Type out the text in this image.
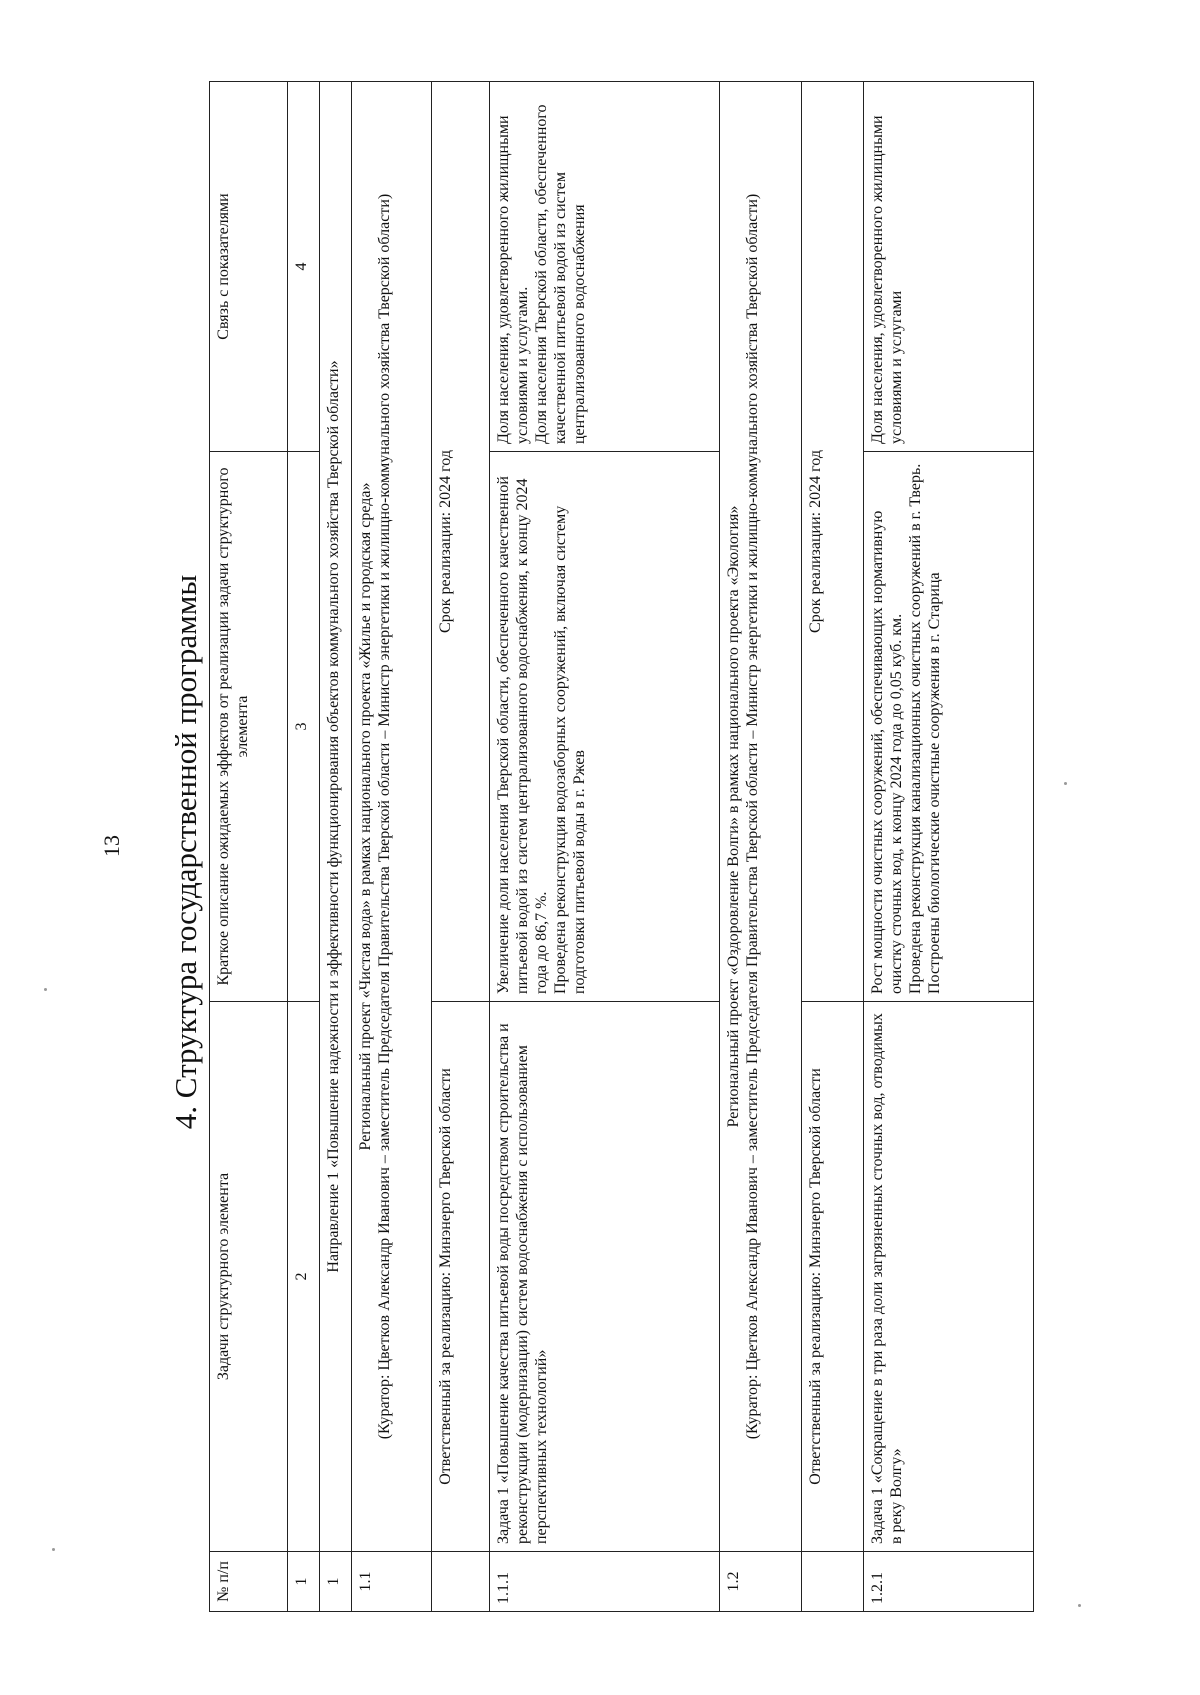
13 4. Структура государственной программы
№ п/п	Задачи структурного элемента	Краткое описание ожидаемых эффектов от реализации задачи структурного элемента	Связь с показателями
1	2	3	4
1	Направление 1 «Повышение надежности и эффективности функционирования объектов коммунального хозяйства Тверской области»		
1.1	Региональный проект «Чистая вода» в рамках национального проекта «Жилье и городская среда» (Куратор: Цветков Александр Иванович – заместитель Председателя Правительства Тверской области – Министр энергетики и жилищно-коммунального хозяйства Тверской области)		

	Ответственный за реализацию: Минэнерго Тверской области	Срок реализации: 2024 год	
1.1.1	Задача 1 «Повышение качества питьевой воды посредством строительства и реконструкции (модернизации) систем водоснабжения с использованием перспективных технологий»	Увеличение доли населения Тверской области, обеспеченного качественной питьевой водой из систем централизованного водоснабжения, к концу 2024 года до 86,7 %. Проведена реконструкция водозаборных сооружений, включая систему подготовки питьевой воды в г. Ржев	Доля населения, удовлетворенного жилищными условиями и услугами. Доля населения Тверской области, обеспеченного качественной питьевой водой из систем централизованного водоснабжения

1.2	Региональный проект «Оздоровление Волги» в рамках национального проекта «Экология» (Куратор: Цветков Александр Иванович – заместитель Председателя Правительства Тверской области – Министр энергетики и жилищно-коммунального хозяйства Тверской области)		

	Ответственный за реализацию: Минэнерго Тверской области	Срок реализации: 2024 год	
1.2.1	Задача 1 «Сокращение в три раза доли загрязненных сточных вод, отводимых в реку Волгу»	Рост мощности очистных сооружений, обеспечивающих нормативную очистку сточных вод, к концу 2024 года до 0,05 куб. км. Проведена реконструкция канализационных очистных сооружений в г. Тверь. Построены биологические очистные сооружения в г. Старица	Доля населения, удовлетворенного жилищными условиями и услугами
